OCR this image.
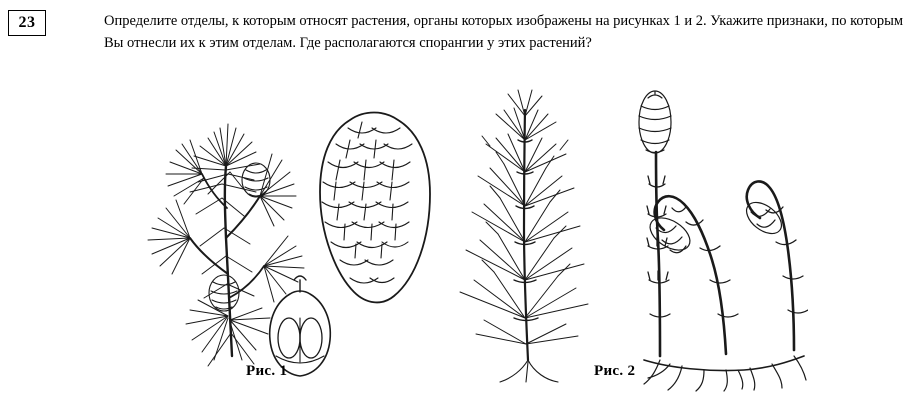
23	Определите отделы, к которым относят растения, органы которых изображены на рисунках 1 и 2. Укажите признаки, по которым Вы отнесли их к этим отделам. Где располагаются спорангии у этих растений?
Рис. 1	Рис. 2
